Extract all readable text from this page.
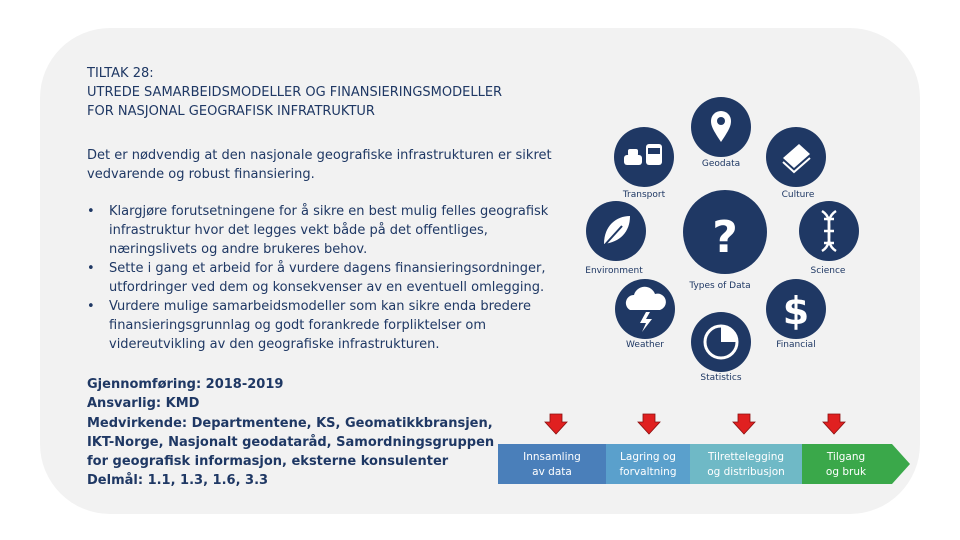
TILTAK 28:
UTREDE SAMARBEIDSMODELLER OG FINANSIERINGSMODELLER
FOR NASJONAL GEOGRAFISK INFRATRUKTUR
Det er nødvendig at den nasjonale geografiske infrastrukturen er sikret vedvarende og robust finansiering.
• Klargjøre forutsetningene for å sikre en best mulig felles geografisk infrastruktur hvor det legges vekt både på det offentliges, næringslivets og andre brukeres behov.
• Sette i gang et arbeid for å vurdere dagens finansieringsordninger, utfordringer ved dem og konsekvenser av en eventuell omlegging.
• Vurdere mulige samarbeidsmodeller som kan sikre enda bredere finansieringsgrunnlag og godt forankrede forpliktelser om videreutvikling av den geografiske infrastrukturen.
Gjennomføring: 2018-2019
Ansvarlig: KMD
Medvirkende: Departmentene, KS, Geomatikkbransjen,
IKT-Norge, Nasjonalt geodataråd, Samordningsgruppen
for geografisk informasjon, eksterne konsulenter
Delmål: 1.1, 1.3, 1.6, 3.3
?
Types of Data
Geodata
Culture
Science
$
Financial
Statistics
Weather
Environment
Transport
Innsamling
av data
Lagring og
forvaltning
Tilrettelegging
og distribusjon
Tilgang
og bruk
